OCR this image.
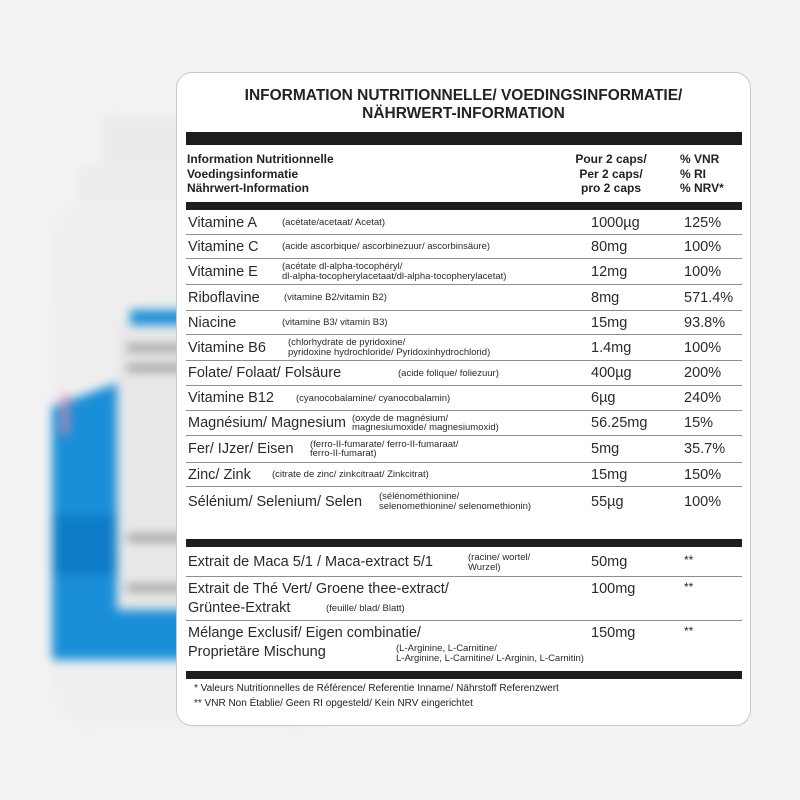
INFORMATION NUTRITIONNELLE/ VOEDINGSINFORMATIE/
NÄHRWERT-INFORMATION
Information Nutritionnelle
Voedingsinformatie
Nährwert-Information
Pour 2 caps/
Per 2 caps/
pro 2 caps
% VNR
% RI
% NRV*
Vitamine A	(acétate/acetaat/ Acetat)	1000µg	125%
Vitamine C (acide ascorbique/ ascorbinezuur/ ascorbinsäure)	80mg	100%
Vitamine E	(acétate dl-alpha-tocophéryl/
dl-alpha-tocopherylacetaat/dl-alpha-tocopherylacetat)	12mg	100%
Riboflavine	(vitamine B2/vitamin B2)	8mg	571.4%
Niacine	(vitamine B3/ vitamin B3)	15mg	93.8%
Vitamine B6 (chlorhydrate de pyridoxine/
pyridoxine hydrochloride/ Pyridoxinhydrochlorid)	1.4mg	100%
Folate/ Folaat/ Folsäure	(acide folique/ foliezuur)	400µg	200%
Vitamine B12 (cyanocobalamine/ cyanocobalamin)	6µg	240%
Magnésium/ Magnesium (oxyde de magnésium/
magnesiumoxide/ magnesiumoxid)	56.25mg	15%
Fer/ IJzer/ Eisen (ferro-II-fumarate/ ferro-II-fumaraat/
ferro-II-fumarat)	5mg	35.7%
Zinc/ Zink (citrate de zinc/ zinkcitraat/ Zinkcitrat)	15mg	150%
Sélénium/ Selenium/ Selen (sélénométhionine/
selenomethionine/ selenomethionin)	55µg	100%
Extrait de Maca 5/1 / Maca-extract 5/1	(racine/ wortel/
Wurzel)	50mg	**
Extrait de Thé Vert/ Groene thee-extract/
Grüntee-Extrakt	(feuille/ blad/ Blatt)
100mg	**
Mélange Exclusif/ Eigen combinatie/
Proprietäre Mischung	(L-Arginine, L-Carnitine/
L-Arginine, L-Carnitine/ L-Arginin, L-Carnitin)
150mg	**
* Valeurs Nutritionnelles de Référence/ Referentie Inname/ Nährstoff Referenzwert
** VNR Non Établie/ Geen RI opgesteld/ Kein NRV eingerichtet
